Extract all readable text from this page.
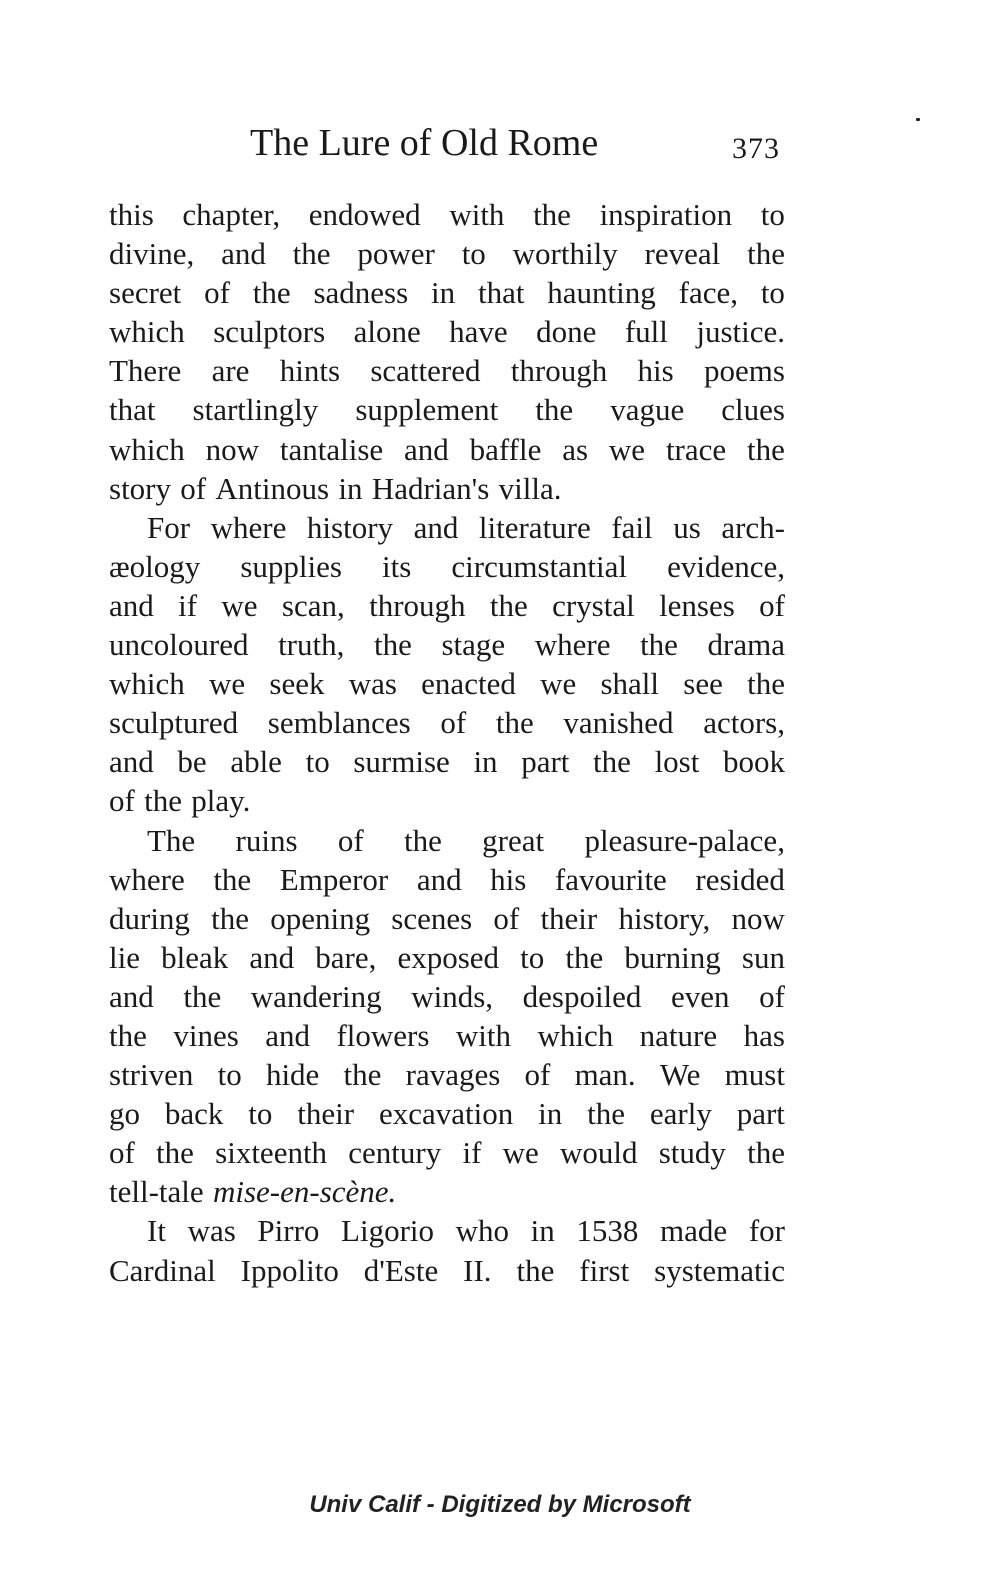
The Lure of Old Rome	373
this chapter, endowed with the inspiration to
divine, and the power to worthily reveal the
secret of the sadness in that haunting face, to
which sculptors alone have done full justice.
There are hints scattered through his poems
that startlingly supplement the vague clues
which now tantalise and baffle as we trace the
story of Antinous in Hadrian's villa.
For where history and literature fail us arch-
æology supplies its circumstantial evidence,
and if we scan, through the crystal lenses of
uncoloured truth, the stage where the drama
which we seek was enacted we shall see the
sculptured semblances of the vanished actors,
and be able to surmise in part the lost book
of the play.
The ruins of the great pleasure-palace,
where the Emperor and his favourite resided
during the opening scenes of their history, now
lie bleak and bare, exposed to the burning sun
and the wandering winds, despoiled even of
the vines and flowers with which nature has
striven to hide the ravages of man. We must
go back to their excavation in the early part
of the sixteenth century if we would study the
tell-tale mise-en-scène.
It was Pirro Ligorio who in 1538 made for
Cardinal Ippolito d'Este II. the first systematic
Univ Calif - Digitized by Microsoft
